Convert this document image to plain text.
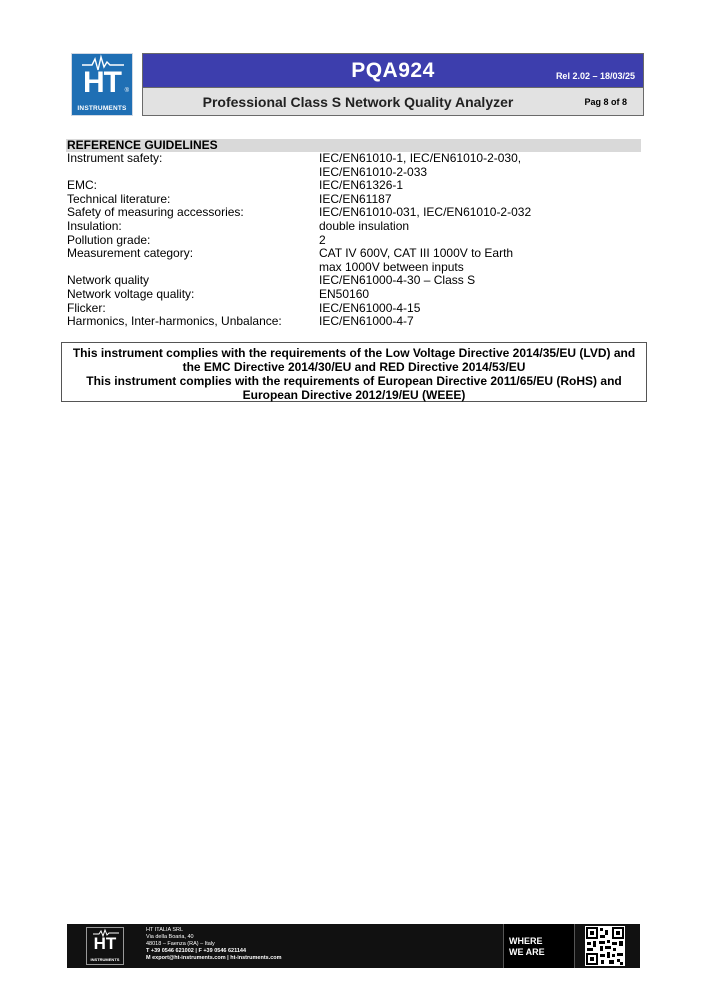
HT ®
INSTRUMENTS
PQA924	Rel 2.02 – 18/03/25
Professional Class S Network Quality Analyzer	Pag 8 of 8
REFERENCE GUIDELINES
Instrument safety:	IEC/EN61010-1, IEC/EN61010-2-030,
IEC/EN61010-2-033
EMC:	IEC/EN61326-1
Technical literature:	IEC/EN61187
Safety of measuring accessories:	IEC/EN61010-031, IEC/EN61010-2-032
Insulation:	double insulation
Pollution grade:	2
Measurement category:	CAT IV 600V, CAT III 1000V to Earth
max 1000V between inputs
Network quality	IEC/EN61000-4-30 – Class S
Network voltage quality:	EN50160
Flicker:	IEC/EN61000-4-15
Harmonics, Inter-harmonics, Unbalance:	IEC/EN61000-4-7
This instrument complies with the requirements of the Low Voltage Directive 2014/35/EU (LVD) and
the EMC Directive 2014/30/EU and RED Directive 2014/53/EU
This instrument complies with the requirements of European Directive 2011/65/EU (RoHS) and
European Directive 2012/19/EU (WEEE)
HT
INSTRUMENTS
HT ITALIA SRL
Via della Boaria, 40
48018 – Faenza (RA) – Italy
T +39 0546 621002 | F +39 0546 621144
M export@ht-instruments.com | ht-instruments.com
WHERE
WE ARE
